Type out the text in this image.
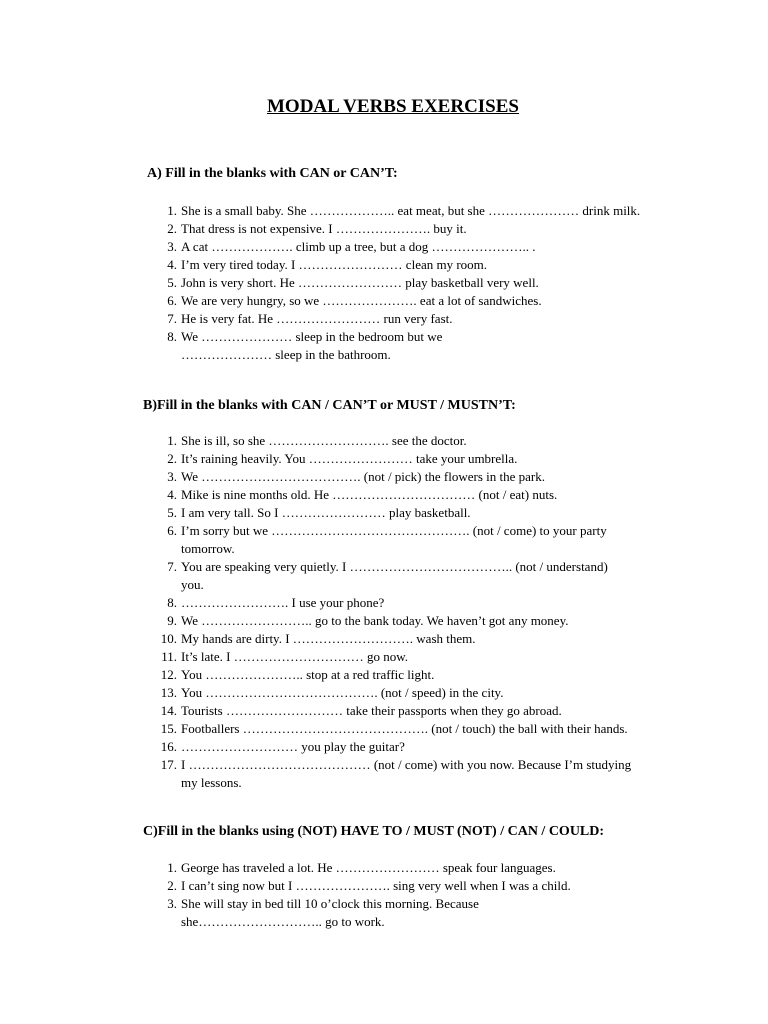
MODAL VERBS EXERCISES
A) Fill in the blanks with CAN or CAN’T:
1. She is a small baby. She ……………….. eat meat, but she ………………… drink milk.
2. That dress is not expensive. I …………………. buy it.
3. A cat ………………. climb up a tree, but a dog ………………….. .
4. I’m very tired today. I …………………… clean my room.
5. John is very short. He …………………… play basketball very well.
6. We are very hungry, so we …………………. eat a lot of sandwiches.
7. He is very fat. He …………………… run very fast.
8. We ………………… sleep in the bedroom but we ………………… sleep in the bathroom.
B)Fill in the blanks with CAN / CAN’T or MUST / MUSTN’T:
1. She is ill, so she ………………………. see the doctor.
2. It’s raining heavily. You …………………… take your umbrella.
3. We ………………………………. (not / pick) the flowers in the park.
4. Mike is nine months old. He …………………………… (not / eat) nuts.
5. I am very tall. So I …………………… play basketball.
6. I’m sorry but we ………………………………………. (not / come) to your party tomorrow.
7. You are speaking very quietly. I ……………………………….. (not / understand) you.
8. ……………………. I use your phone?
9. We …………………….. go to the bank today. We haven’t got any money.
10. My hands are dirty. I ………………………. wash them.
11. It’s late. I ………………………… go now.
12. You ………………….. stop at a red traffic light.
13. You …………………………………. (not / speed) in the city.
14. Tourists ……………………… take their passports when they go abroad.
15. Footballers ……………………………………. (not / touch) the ball with their hands.
16. ……………………… you play the guitar?
17. I …………………………………… (not / come) with you now. Because I’m studying my lessons.
C)Fill in the blanks using (NOT) HAVE TO / MUST (NOT) / CAN / COULD:
1. George has traveled a lot. He …………………… speak four languages.
2. I can’t sing now but I …………………. sing very well when I was a child.
3. She will stay in bed till 10 o’clock this morning. Because she……………………….. go to work.
